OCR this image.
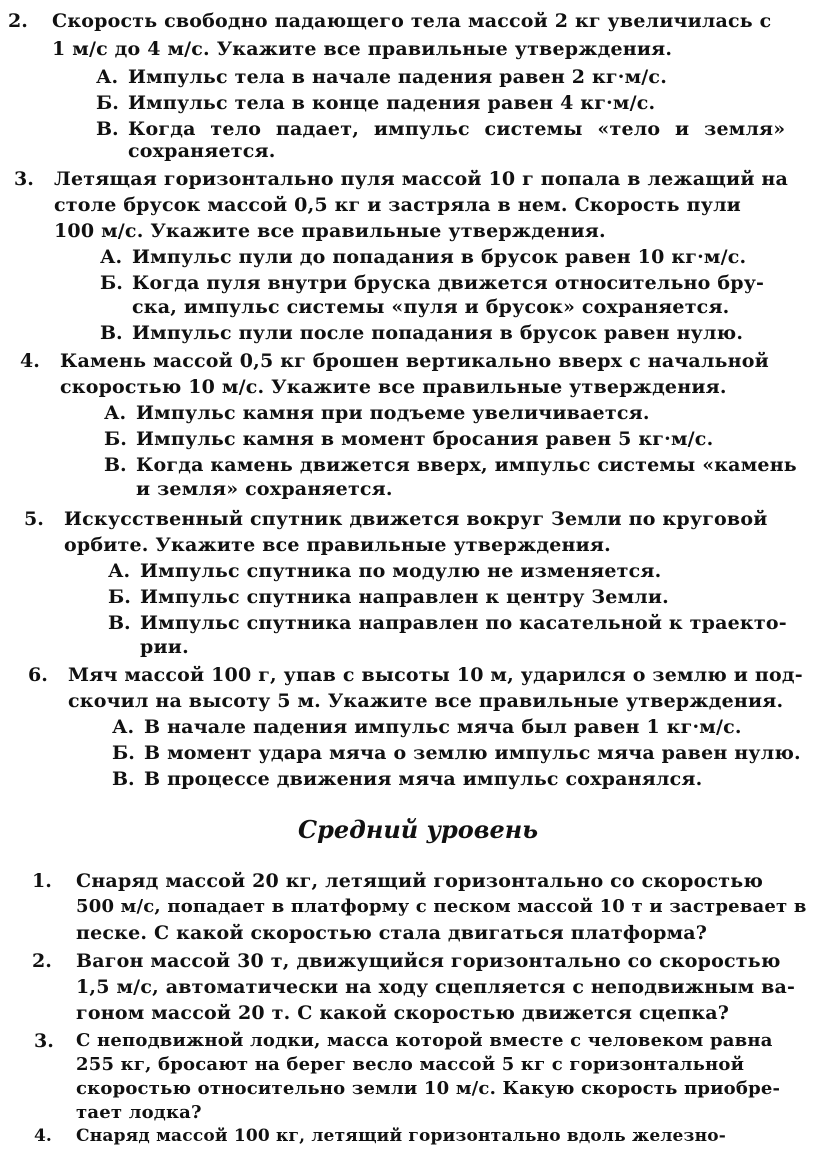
2. Скорость свободно падающего тела массой 2 кг увеличилась с
1 м/с до 4 м/с. Укажите все правильные утверждения.
А. Импульс тела в начале падения равен 2 кг·м/с.
Б. Импульс тела в конце падения равен 4 кг·м/с.
В. Когда тело падает, импульс системы «тело и земля»
сохраняется.
3. Летящая горизонтально пуля массой 10 г попала в лежащий на
столе брусок массой 0,5 кг и застряла в нем. Скорость пули
100 м/с. Укажите все правильные утверждения.
А. Импульс пули до попадания в брусок равен 10 кг·м/с.
Б. Когда пуля внутри бруска движется относительно бру-
ска, импульс системы «пуля и брусок» сохраняется.
В. Импульс пули после попадания в брусок равен нулю.
4. Камень массой 0,5 кг брошен вертикально вверх с начальной
скоростью 10 м/с. Укажите все правильные утверждения.
А. Импульс камня при подъеме увеличивается.
Б. Импульс камня в момент бросания равен 5 кг·м/с.
В. Когда камень движется вверх, импульс системы «камень
и земля» сохраняется.
5. Искусственный спутник движется вокруг Земли по круговой
орбите. Укажите все правильные утверждения.
А. Импульс спутника по модулю не изменяется.
Б. Импульс спутника направлен к центру Земли.
В. Импульс спутника направлен по касательной к траекто-
рии.
6. Мяч массой 100 г, упав с высоты 10 м, ударился о землю и под-
скочил на высоту 5 м. Укажите все правильные утверждения.
А. В начале падения импульс мяча был равен 1 кг·м/с.
Б. В момент удара мяча о землю импульс мяча равен нулю.
В. В процессе движения мяча импульс сохранялся.
Средний уровень
1. Снаряд массой 20 кг, летящий горизонтально со скоростью
500 м/с, попадает в платформу с песком массой 10 т и застревает в
песке. С какой скоростью стала двигаться платформа?
2. Вагон массой 30 т, движущийся горизонтально со скоростью
1,5 м/с, автоматически на ходу сцепляется с неподвижным ва-
гоном массой 20 т. С какой скоростью движется сцепка?
3. С неподвижной лодки, масса которой вместе с человеком равна
255 кг, бросают на берег весло массой 5 кг с горизонтальной
скоростью относительно земли 10 м/с. Какую скорость приобре-
тает лодка?
4. Снаряд массой 100 кг, летящий горизонтально вдоль железно-
